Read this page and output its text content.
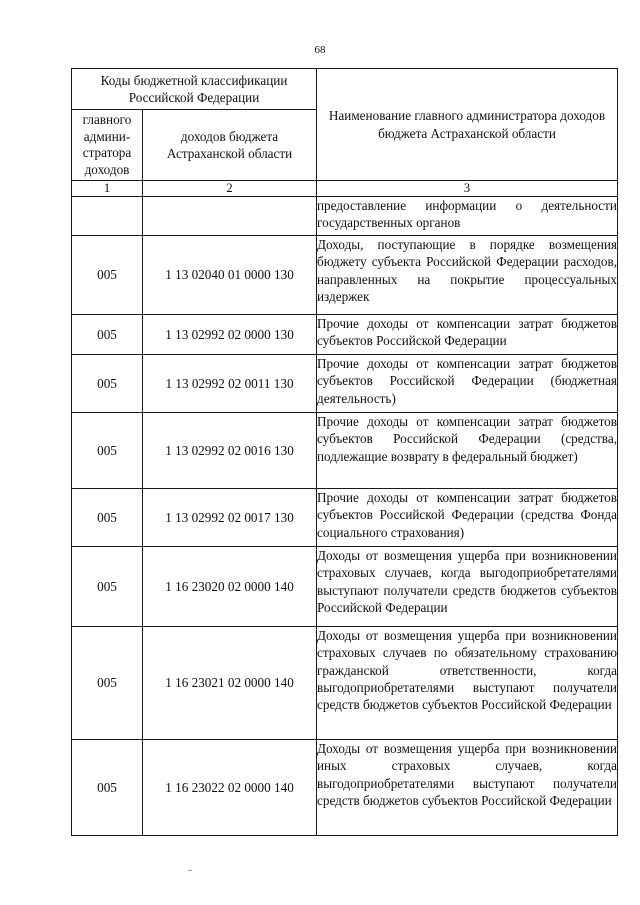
68
Коды бюджетной классификации Российской Федерации		Наименование главного администратора доходов бюджета Астраханской области
главного админи-стратора доходов	доходов бюджета Астраханской области	
1	2	3
		предоставление информации о деятельности государственных органов
005	1 13 02040 01 0000 130	Доходы, поступающие в порядке возмещения бюджету субъекта Российской Федерации расходов, направленных на покрытие процессуальных издержек
005	1 13 02992 02 0000 130	Прочие доходы от компенсации затрат бюджетов субъектов Российской Федерации
005	1 13 02992 02 0011 130	Прочие доходы от компенсации затрат бюджетов субъектов Российской Федерации (бюджетная деятельность)
005	1 13 02992 02 0016 130	Прочие доходы от компенсации затрат бюджетов субъектов Российской Федерации (средства, подлежащие возврату в федеральный бюджет)
005	1 13 02992 02 0017 130	Прочие доходы от компенсации затрат бюджетов субъектов Российской Федерации (средства Фонда социального страхования)
005	1 16 23020 02 0000 140	Доходы от возмещения ущерба при возникновении страховых случаев, когда выгодоприобретателями выступают получатели средств бюджетов субъектов Российской Федерации
005	1 16 23021 02 0000 140	Доходы от возмещения ущерба при возникновении страховых случаев по обязательному страхованию гражданской ответственности, когда выгодоприобретателями выступают получатели средств бюджетов субъектов Российской Федерации
005	1 16 23022 02 0000 140	Доходы от возмещения ущерба при возникновении иных страховых случаев, когда выгодоприобретателями выступают получатели средств бюджетов субъектов Российской Федерации
